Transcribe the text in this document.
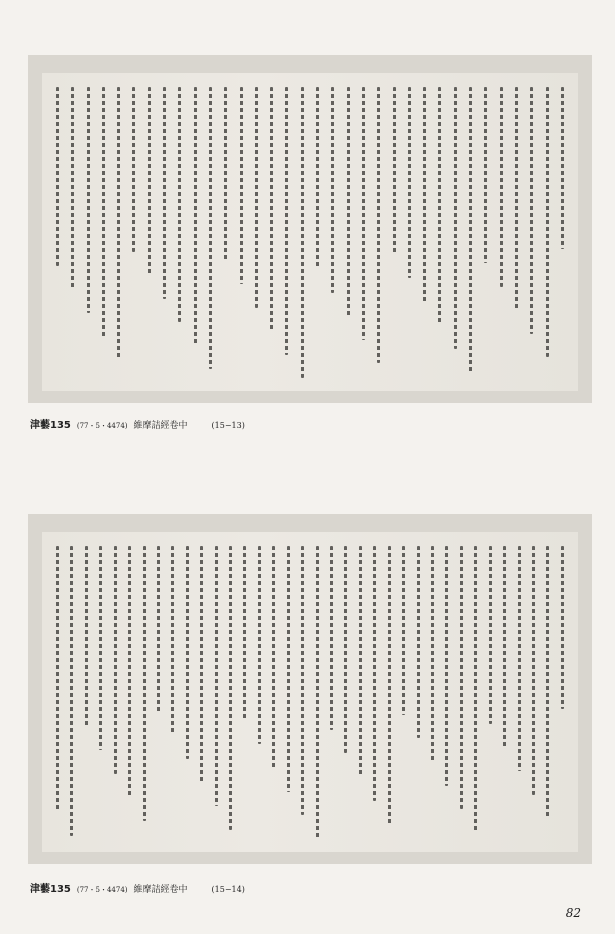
津藝135 (77・5・4474) 維摩詰經卷中	(15−13)
津藝135 (77・5・4474) 維摩詰經卷中	(15−14)
82
